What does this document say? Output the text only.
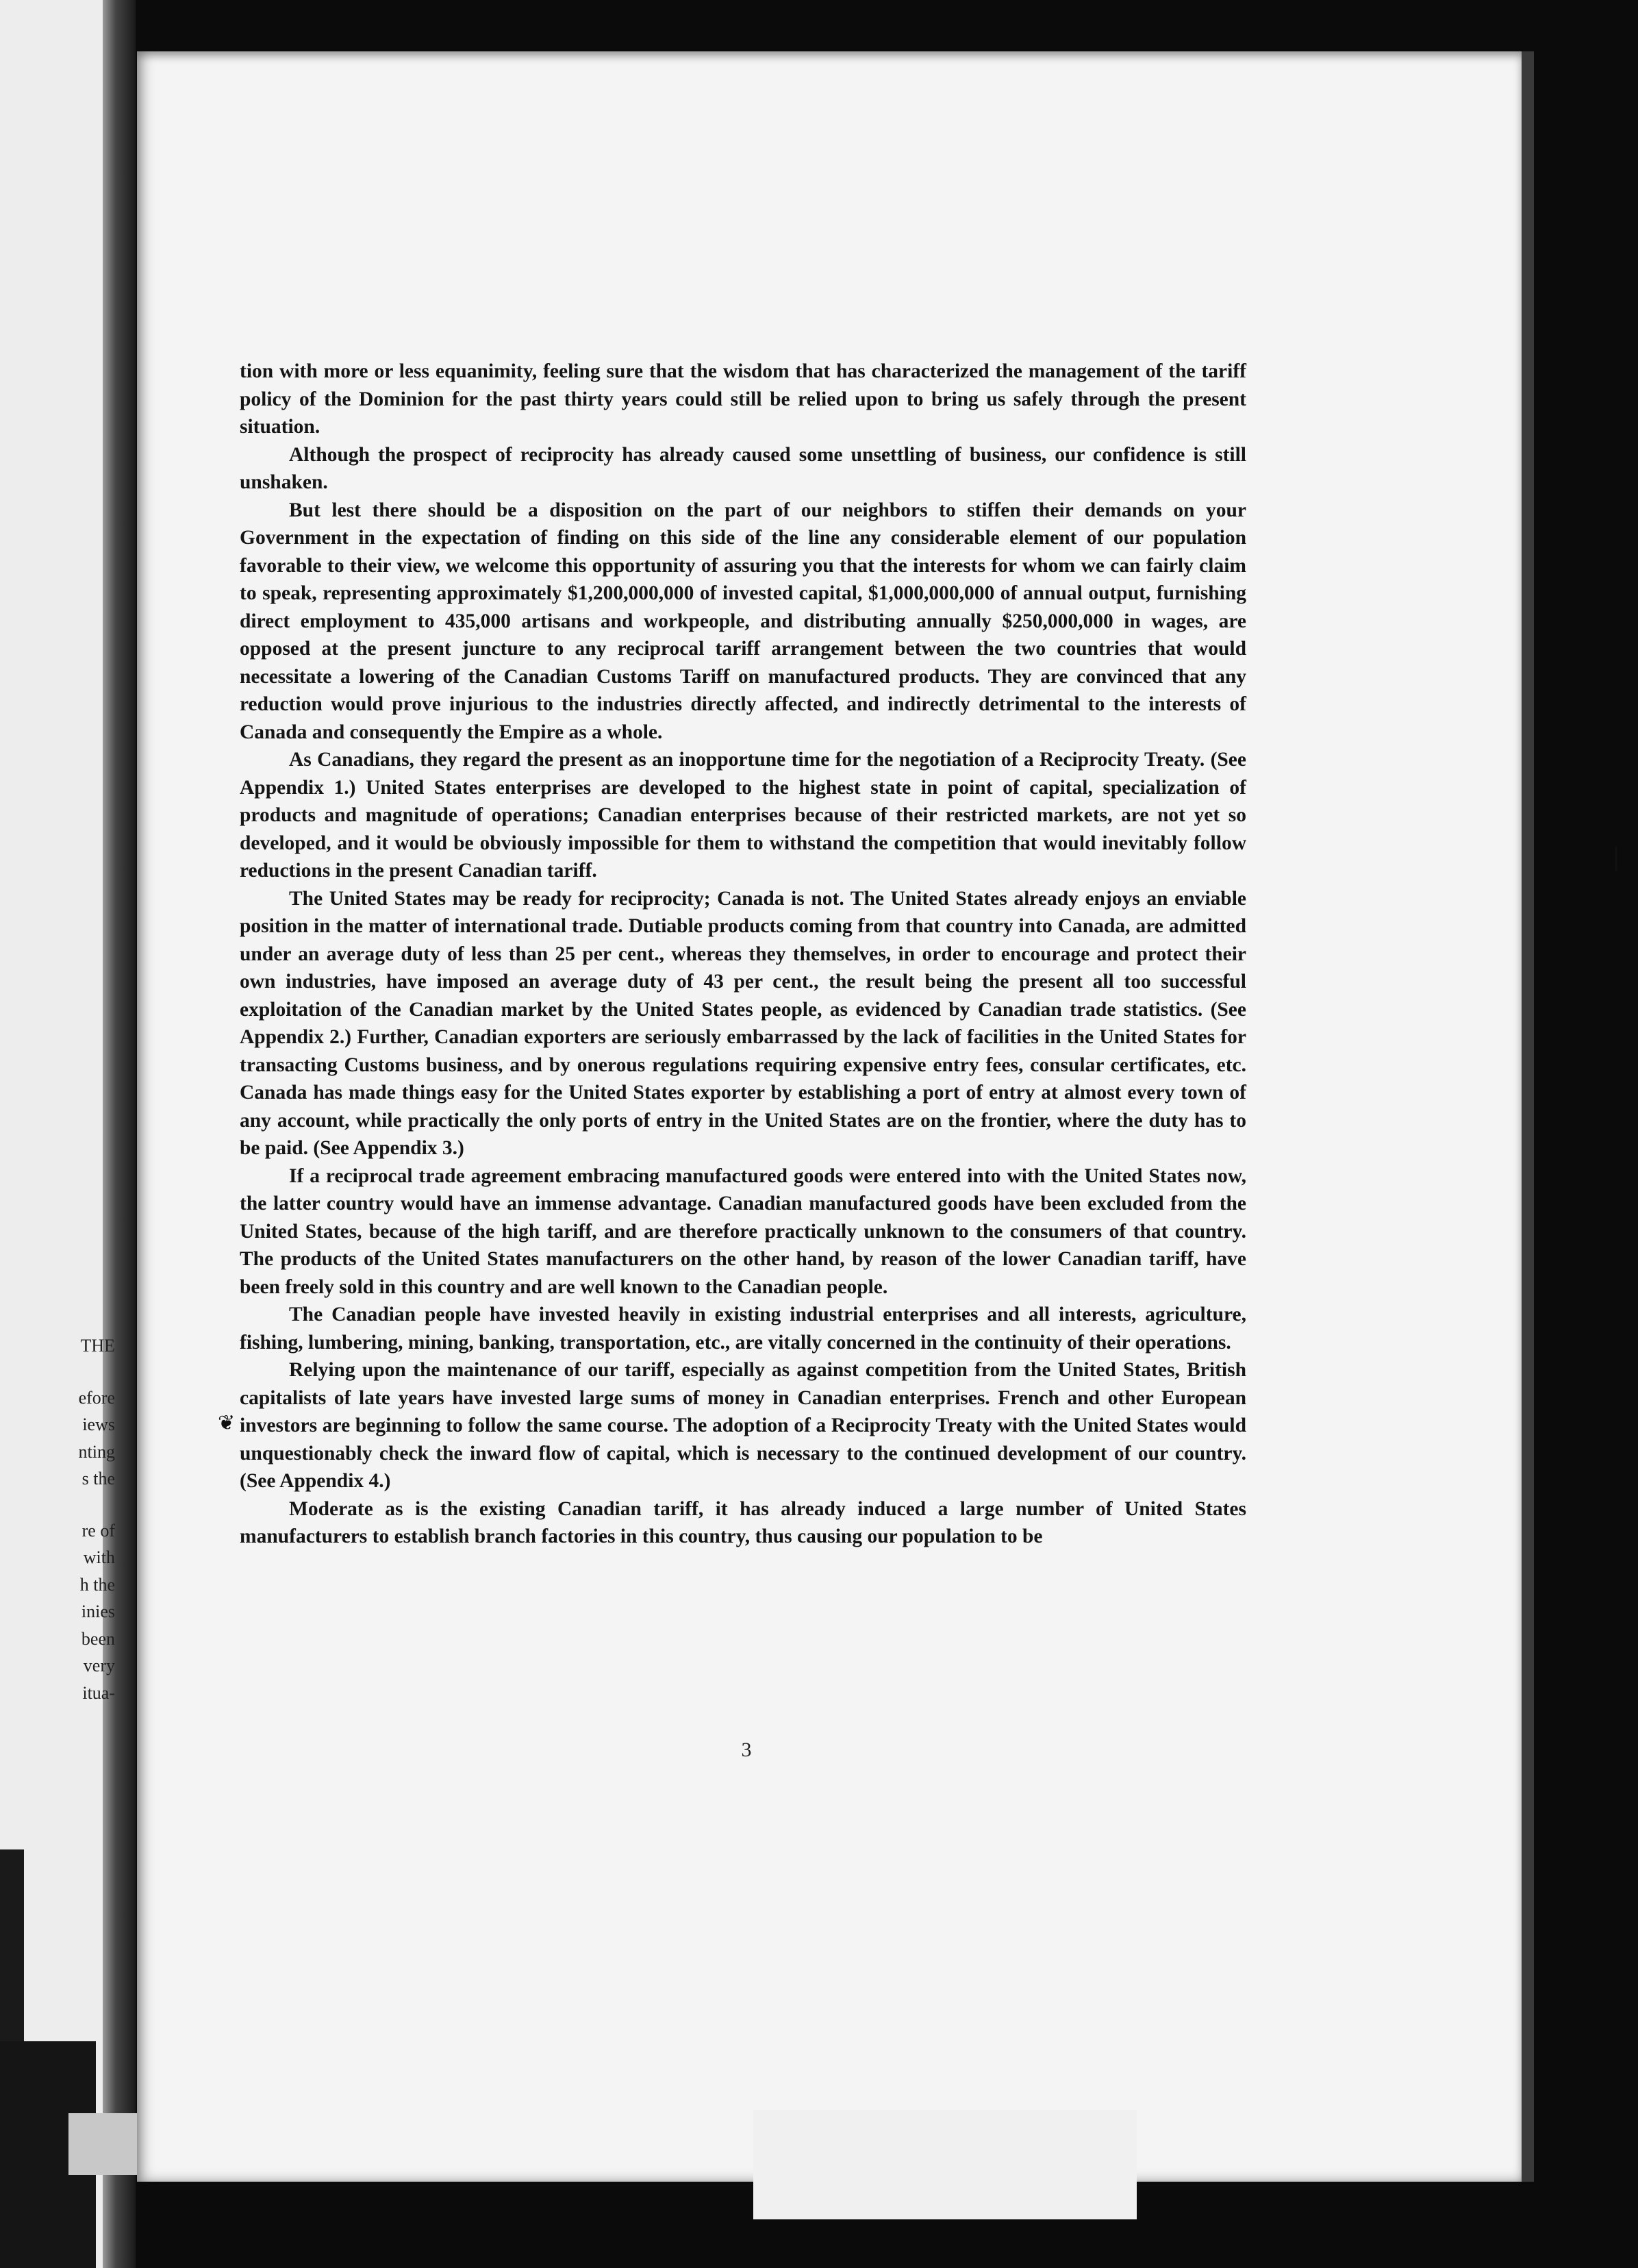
THE
efore
iews
nting
s the
re of
with
h the
inies
been
very
itua-

tion with more or less equanimity, feeling sure that the wisdom that has characterized the management of the tariff policy of the Dominion for the past thirty years could still be relied upon to bring us safely through the present situation.

Although the prospect of reciprocity has already caused some unsettling of business, our confidence is still unshaken.

But lest there should be a disposition on the part of our neighbors to stiffen their demands on your Government in the expectation of finding on this side of the line any considerable element of our population favorable to their view, we welcome this opportunity of assuring you that the interests for whom we can fairly claim to speak, representing approximately $1,200,000,000 of invested capital, $1,000,000,000 of annual output, furnishing direct employment to 435,000 artisans and workpeople, and distributing annually $250,000,000 in wages, are opposed at the present juncture to any reciprocal tariff arrangement between the two countries that would necessitate a lowering of the Canadian Customs Tariff on manufactured products. They are convinced that any reduction would prove injurious to the industries directly affected, and indirectly detrimental to the interests of Canada and consequently the Empire as a whole.

As Canadians, they regard the present as an inopportune time for the negotiation of a Reciprocity Treaty. (See Appendix 1.) United States enterprises are developed to the highest state in point of capital, specialization of products and magnitude of operations; Canadian enterprises because of their restricted markets, are not yet so developed, and it would be obviously impossible for them to withstand the competition that would inevitably follow reductions in the present Canadian tariff.

The United States may be ready for reciprocity; Canada is not. The United States already enjoys an enviable position in the matter of international trade. Dutiable products coming from that country into Canada, are admitted under an average duty of less than 25 per cent., whereas they themselves, in order to encourage and protect their own industries, have imposed an average duty of 43 per cent., the result being the present all too successful exploitation of the Canadian market by the United States people, as evidenced by Canadian trade statistics. (See Appendix 2.) Further, Canadian exporters are seriously embarrassed by the lack of facilities in the United States for transacting Customs business, and by onerous regulations requiring expensive entry fees, consular certificates, etc. Canada has made things easy for the United States exporter by establishing a port of entry at almost every town of any account, while practically the only ports of entry in the United States are on the frontier, where the duty has to be paid. (See Appendix 3.)

If a reciprocal trade agreement embracing manufactured goods were entered into with the United States now, the latter country would have an immense advantage. Canadian manufactured goods have been excluded from the United States, because of the high tariff, and are therefore practically unknown to the consumers of that country. The products of the United States manufacturers on the other hand, by reason of the lower Canadian tariff, have been freely sold in this country and are well known to the Canadian people.

The Canadian people have invested heavily in existing industrial enterprises and all interests, agriculture, fishing, lumbering, mining, banking, transportation, etc., are vitally concerned in the continuity of their operations.

Relying upon the maintenance of our tariff, especially as against competition from the United States, British capitalists of late years have invested large sums of money in Canadian enterprises. French and other European investors are beginning to follow the same course. The adoption of a Reciprocity Treaty with the United States would unquestionably check the inward flow of capital, which is necessary to the continued development of our country. (See Appendix 4.)

Moderate as is the existing Canadian tariff, it has already induced a large number of United States manufacturers to establish branch factories in this country, thus causing our population to be

3
❘
❦
